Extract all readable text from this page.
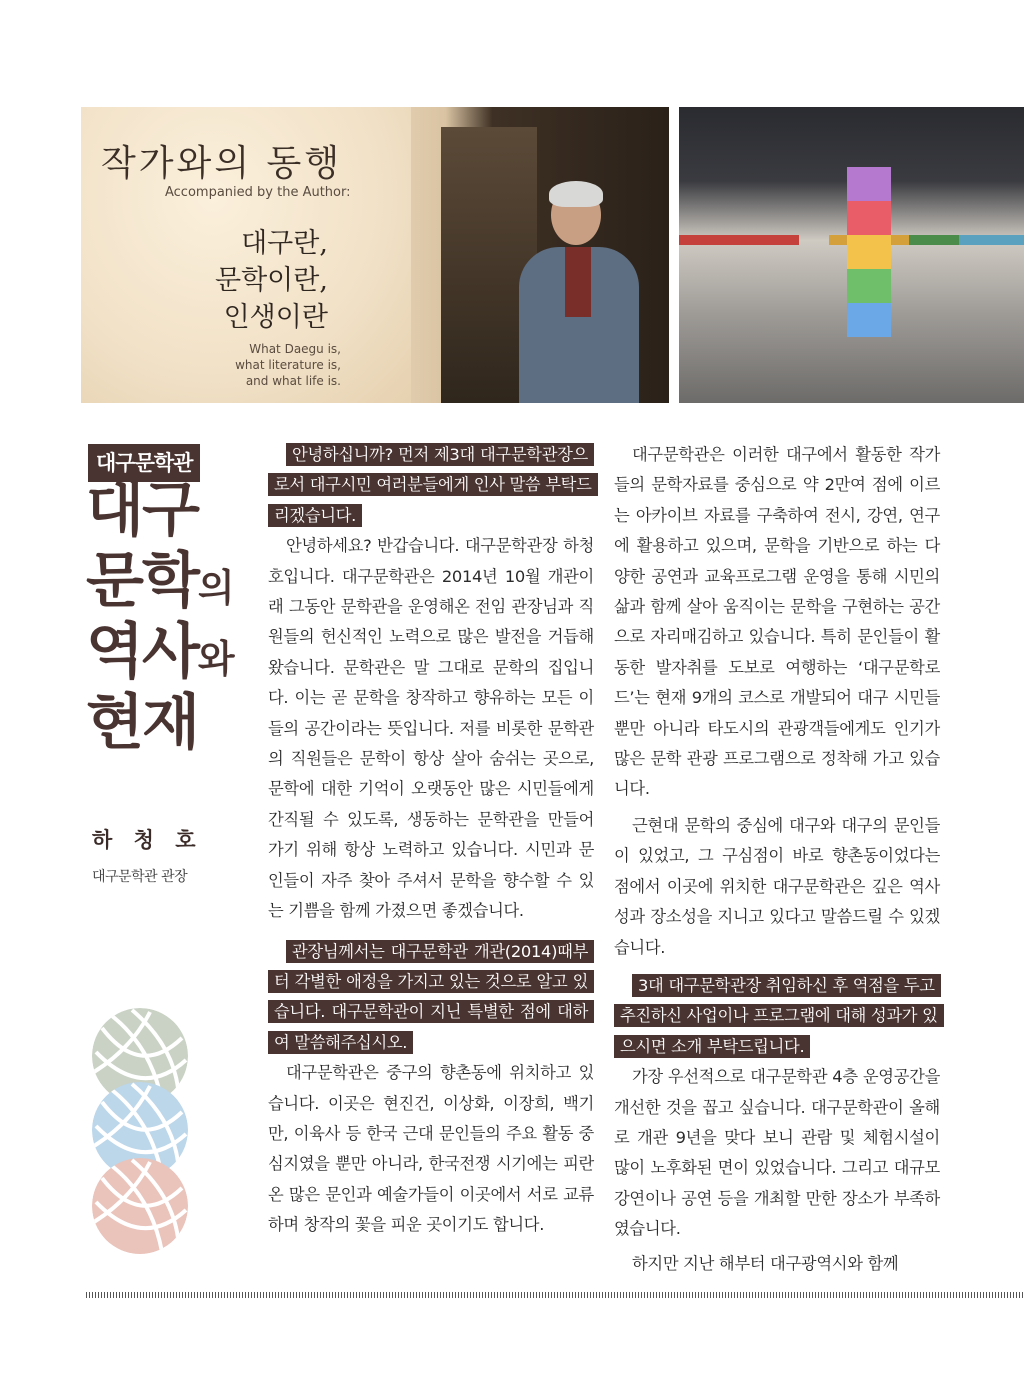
작가와의 동행
Accompanied by the Author:
대구란,
문학이란,
인생이란
What Daegu is,
what literature is,
and what life is.
대구문학관
대구
문학의
역사와
현재
하 청 호
대구문학관 관장

안녕하십니까? 먼저 제3대 대구문학관장으로서 대구시민 여러분들에게 인사 말씀 부탁드리겠습니다.

안녕하세요? 반갑습니다. 대구문학관장 하청호입니다. 대구문학관은 2014년 10월 개관이래 그동안 문학관을 운영해온 전임 관장님과 직원들의 헌신적인 노력으로 많은 발전을 거듭해왔습니다. 문학관은 말 그대로 문학의 집입니다. 이는 곧 문학을 창작하고 향유하는 모든 이들의 공간이라는 뜻입니다. 저를 비롯한 문학관의 직원들은 문학이 항상 살아 숨쉬는 곳으로, 문학에 대한 기억이 오랫동안 많은 시민들에게 간직될 수 있도록, 생동하는 문학관을 만들어 가기 위해 항상 노력하고 있습니다. 시민과 문인들이 자주 찾아 주셔서 문학을 향수할 수 있는 기쁨을 함께 가졌으면 좋겠습니다.

관장님께서는 대구문학관 개관(2014)때부터 각별한 애정을 가지고 있는 것으로 알고 있습니다. 대구문학관이 지닌 특별한 점에 대하여 말씀해주십시오.

대구문학관은 중구의 향촌동에 위치하고 있습니다. 이곳은 현진건, 이상화, 이장희, 백기만, 이육사 등 한국 근대 문인들의 주요 활동 중심지였을 뿐만 아니라, 한국전쟁 시기에는 피란 온 많은 문인과 예술가들이 이곳에서 서로 교류하며 창작의 꽃을 피운 곳이기도 합니다.

대구문학관은 이러한 대구에서 활동한 작가들의 문학자료를 중심으로 약 2만여 점에 이르는 아카이브 자료를 구축하여 전시, 강연, 연구에 활용하고 있으며, 문학을 기반으로 하는 다양한 공연과 교육프로그램 운영을 통해 시민의 삶과 함께 살아 움직이는 문학을 구현하는 공간으로 자리매김하고 있습니다. 특히 문인들이 활동한 발자취를 도보로 여행하는 ‘대구문학로드’는 현재 9개의 코스로 개발되어 대구 시민들 뿐만 아니라 타도시의 관광객들에게도 인기가 많은 문학 관광 프로그램으로 정착해 가고 있습니다.

근현대 문학의 중심에 대구와 대구의 문인들이 있었고, 그 구심점이 바로 향촌동이었다는 점에서 이곳에 위치한 대구문학관은 깊은 역사성과 장소성을 지니고 있다고 말씀드릴 수 있겠습니다.

3대 대구문학관장 취임하신 후 역점을 두고 추진하신 사업이나 프로그램에 대해 성과가 있으시면 소개 부탁드립니다.

가장 우선적으로 대구문학관 4층 운영공간을 개선한 것을 꼽고 싶습니다. 대구문학관이 올해로 개관 9년을 맞다 보니 관람 및 체험시설이 많이 노후화된 면이 있었습니다. 그리고 대규모 강연이나 공연 등을 개최할 만한 장소가 부족하였습니다.

하지만 지난 해부터 대구광역시와 함께
